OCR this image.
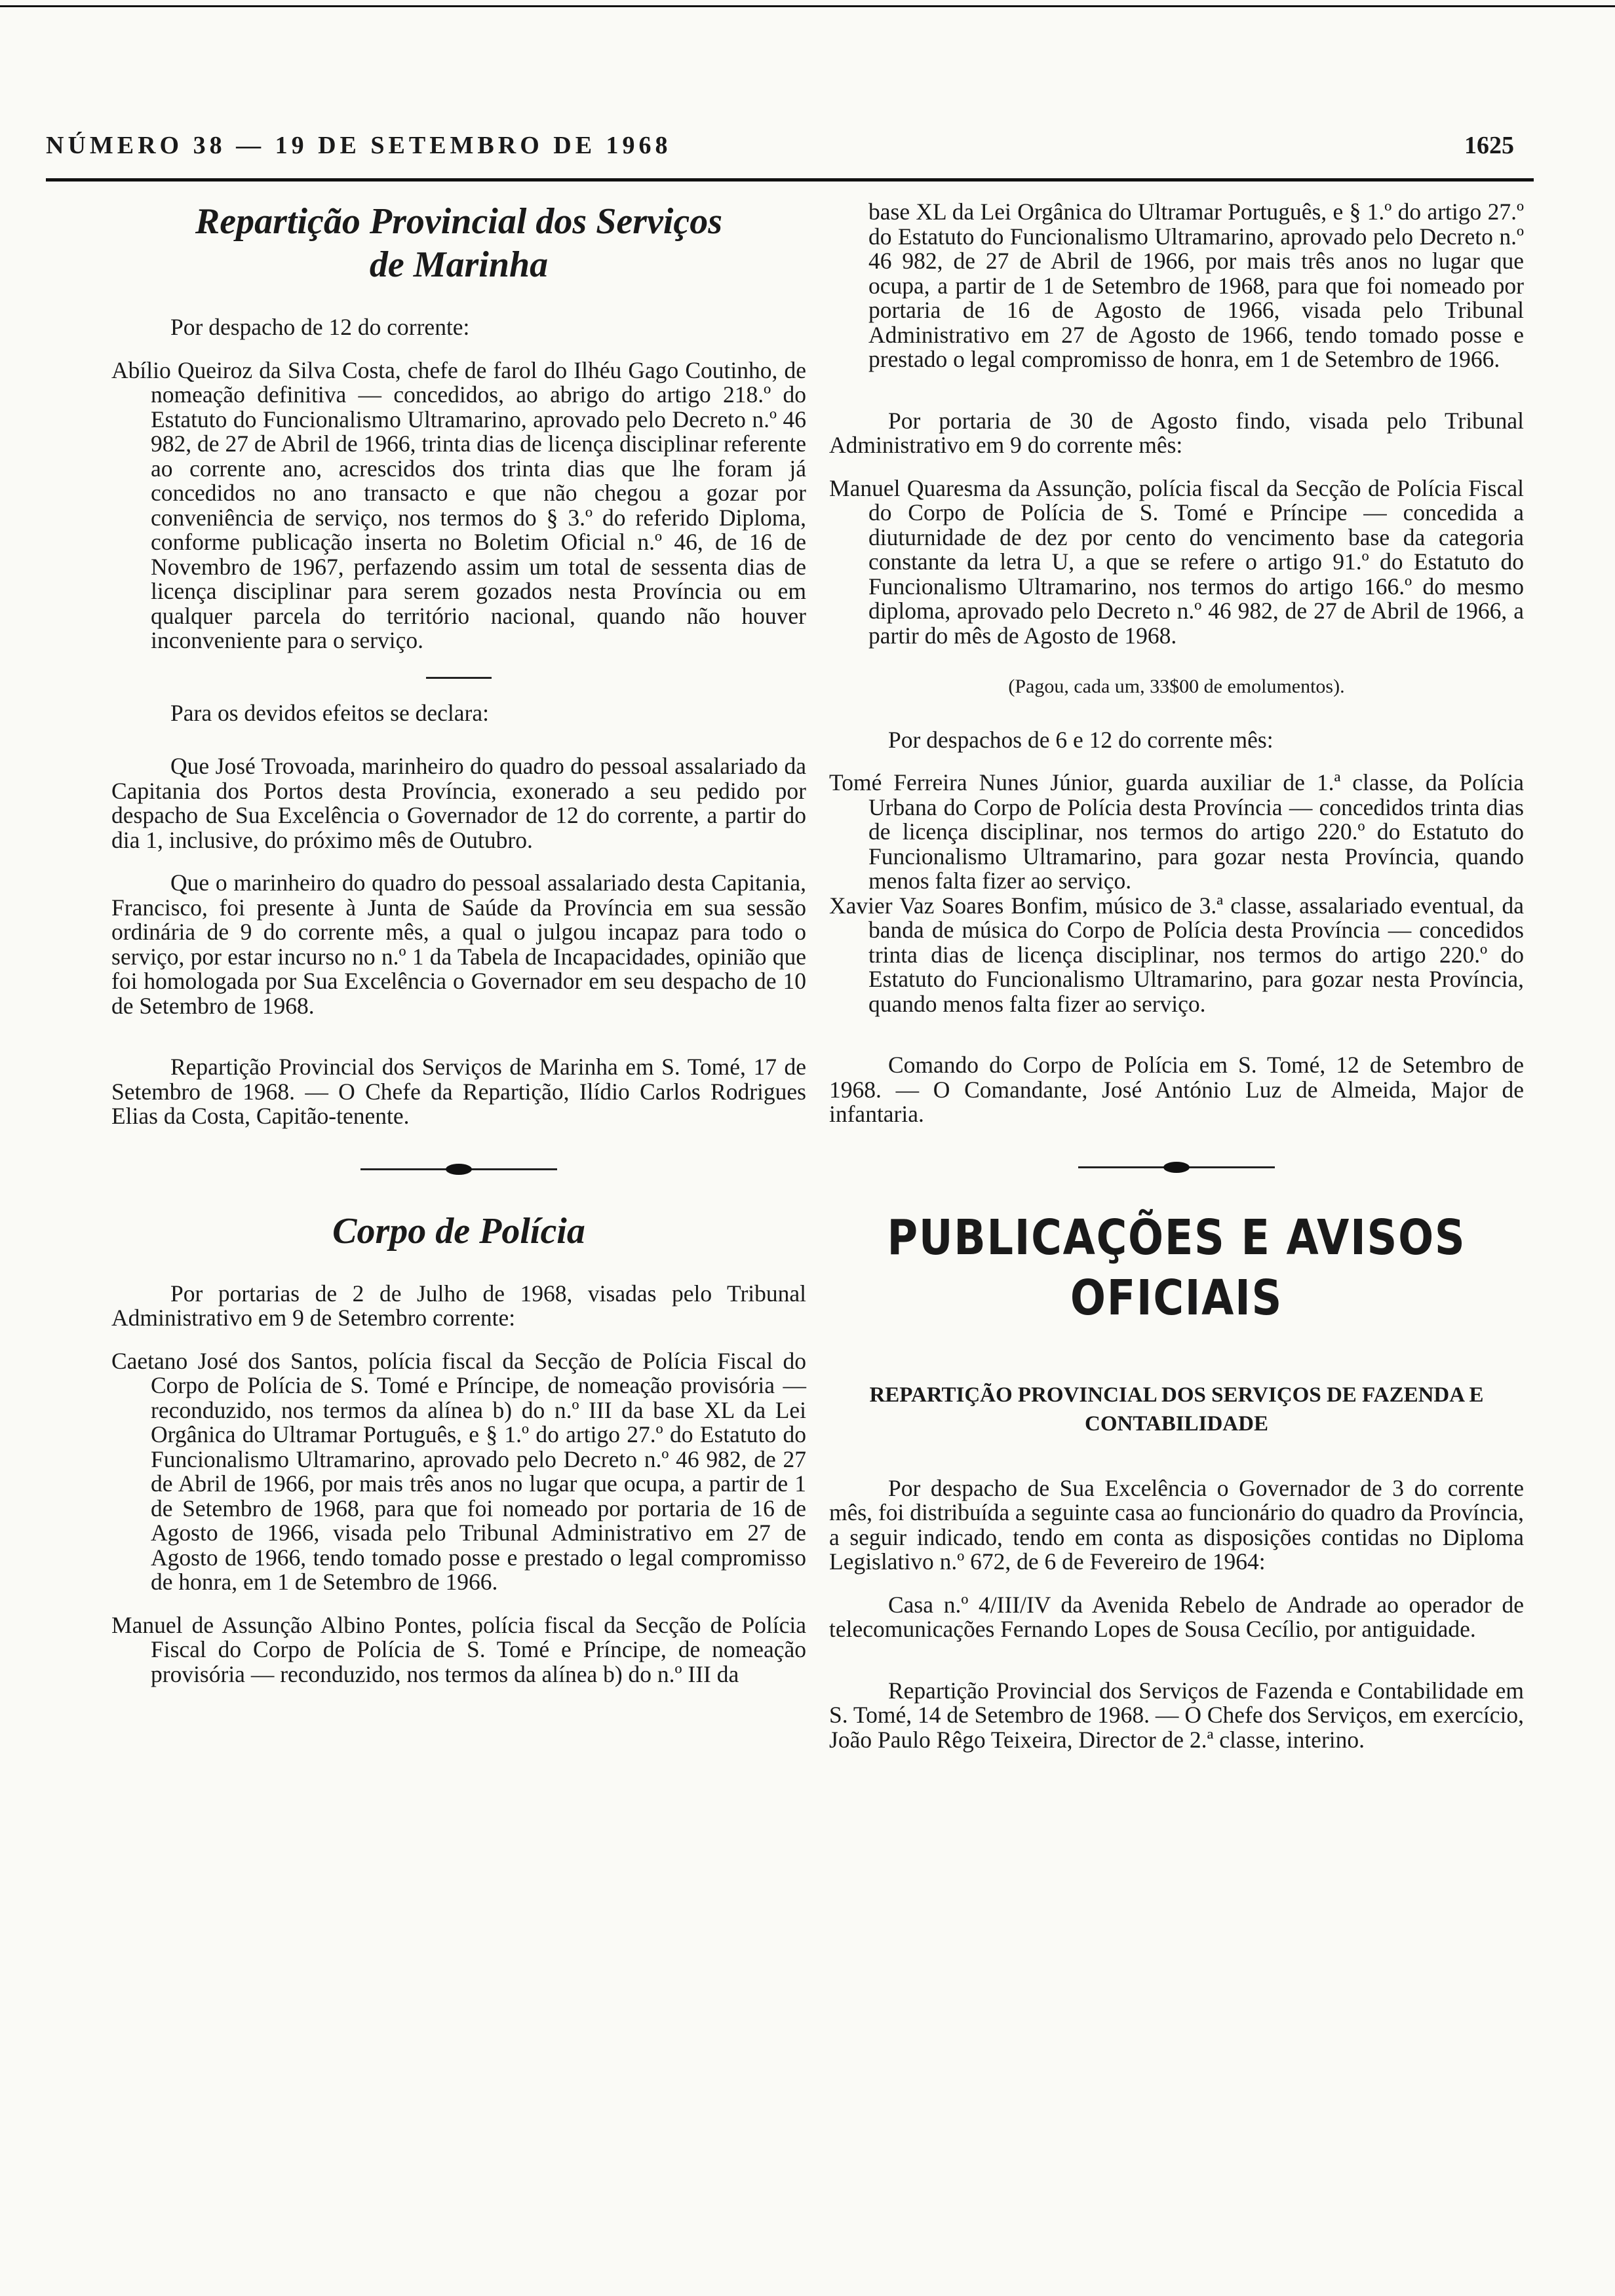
NÚMERO 38 — 19 DE SETEMBRO DE 1968	1625
Repartição Provincial dos Serviços
de Marinha

Por despacho de 12 do corrente:

Abílio Queiroz da Silva Costa, chefe de farol do Ilhéu Gago Coutinho, de nomeação definitiva — concedidos, ao abrigo do artigo 218.º do Estatuto do Funcionalismo Ultramarino, aprovado pelo Decreto n.º 46 982, de 27 de Abril de 1966, trinta dias de licença disciplinar referente ao corrente ano, acrescidos dos trinta dias que lhe foram já concedidos no ano transacto e que não chegou a gozar por conveniência de serviço, nos termos do § 3.º do referido Diploma, conforme publicação inserta no Boletim Oficial n.º 46, de 16 de Novembro de 1967, perfazendo assim um total de sessenta dias de licença disciplinar para serem gozados nesta Província ou em qualquer parcela do território nacional, quando não houver inconveniente para o serviço.

Para os devidos efeitos se declara:

Que José Trovoada, marinheiro do quadro do pessoal assalariado da Capitania dos Portos desta Província, exonerado a seu pedido por despacho de Sua Excelência o Governador de 12 do corrente, a partir do dia 1, inclusive, do próximo mês de Outubro.

Que o marinheiro do quadro do pessoal assalariado desta Capitania, Francisco, foi presente à Junta de Saúde da Província em sua sessão ordinária de 9 do corrente mês, a qual o julgou incapaz para todo o serviço, por estar incurso no n.º 1 da Tabela de Incapacidades, opinião que foi homologada por Sua Excelência o Governador em seu despacho de 10 de Setembro de 1968.

Repartição Provincial dos Serviços de Marinha em S. Tomé, 17 de Setembro de 1968. — O Chefe da Repartição, Ilídio Carlos Rodrigues Elias da Costa, Capitão-tenente.

Corpo de Polícia

Por portarias de 2 de Julho de 1968, visadas pelo Tribunal Administrativo em 9 de Setembro corrente:

Caetano José dos Santos, polícia fiscal da Secção de Polícia Fiscal do Corpo de Polícia de S. Tomé e Príncipe, de nomeação provisória — reconduzido, nos termos da alínea b) do n.º III da base XL da Lei Orgânica do Ultramar Português, e § 1.º do artigo 27.º do Estatuto do Funcionalismo Ultramarino, aprovado pelo Decreto n.º 46 982, de 27 de Abril de 1966, por mais três anos no lugar que ocupa, a partir de 1 de Setembro de 1968, para que foi nomeado por portaria de 16 de Agosto de 1966, visada pelo Tribunal Administrativo em 27 de Agosto de 1966, tendo tomado posse e prestado o legal compromisso de honra, em 1 de Setembro de 1966.

Manuel de Assunção Albino Pontes, polícia fiscal da Secção de Polícia Fiscal do Corpo de Polícia de S. Tomé e Príncipe, de nomeação provisória — reconduzido, nos termos da alínea b) do n.º III da

base XL da Lei Orgânica do Ultramar Português, e § 1.º do artigo 27.º do Estatuto do Funcionalismo Ultramarino, aprovado pelo Decreto n.º 46 982, de 27 de Abril de 1966, por mais três anos no lugar que ocupa, a partir de 1 de Setembro de 1968, para que foi nomeado por portaria de 16 de Agosto de 1966, visada pelo Tribunal Administrativo em 27 de Agosto de 1966, tendo tomado posse e prestado o legal compromisso de honra, em 1 de Setembro de 1966.

Por portaria de 30 de Agosto findo, visada pelo Tribunal Administrativo em 9 do corrente mês:

Manuel Quaresma da Assunção, polícia fiscal da Secção de Polícia Fiscal do Corpo de Polícia de S. Tomé e Príncipe — concedida a diuturnidade de dez por cento do vencimento base da categoria constante da letra U, a que se refere o artigo 91.º do Estatuto do Funcionalismo Ultramarino, nos termos do artigo 166.º do mesmo diploma, aprovado pelo Decreto n.º 46 982, de 27 de Abril de 1966, a partir do mês de Agosto de 1968.

(Pagou, cada um, 33$00 de emolumentos).

Por despachos de 6 e 12 do corrente mês:

Tomé Ferreira Nunes Júnior, guarda auxiliar de 1.ª classe, da Polícia Urbana do Corpo de Polícia desta Província — concedidos trinta dias de licença disciplinar, nos termos do artigo 220.º do Estatuto do Funcionalismo Ultramarino, para gozar nesta Província, quando menos falta fizer ao serviço.

Xavier Vaz Soares Bonfim, músico de 3.ª classe, assalariado eventual, da banda de música do Corpo de Polícia desta Província — concedidos trinta dias de licença disciplinar, nos termos do artigo 220.º do Estatuto do Funcionalismo Ultramarino, para gozar nesta Província, quando menos falta fizer ao serviço.

Comando do Corpo de Polícia em S. Tomé, 12 de Setembro de 1968. — O Comandante, José António Luz de Almeida, Major de infantaria.

PUBLICAÇÕES E AVISOS OFICIAIS

REPARTIÇÃO PROVINCIAL DOS SERVIÇOS DE FAZENDA E CONTABILIDADE

Por despacho de Sua Excelência o Governador de 3 do corrente mês, foi distribuída a seguinte casa ao funcionário do quadro da Província, a seguir indicado, tendo em conta as disposições contidas no Diploma Legislativo n.º 672, de 6 de Fevereiro de 1964:

Casa n.º 4/III/IV da Avenida Rebelo de Andrade ao operador de telecomunicações Fernando Lopes de Sousa Cecílio, por antiguidade.

Repartição Provincial dos Serviços de Fazenda e Contabilidade em S. Tomé, 14 de Setembro de 1968. — O Chefe dos Serviços, em exercício, João Paulo Rêgo Teixeira, Director de 2.ª classe, interino.
